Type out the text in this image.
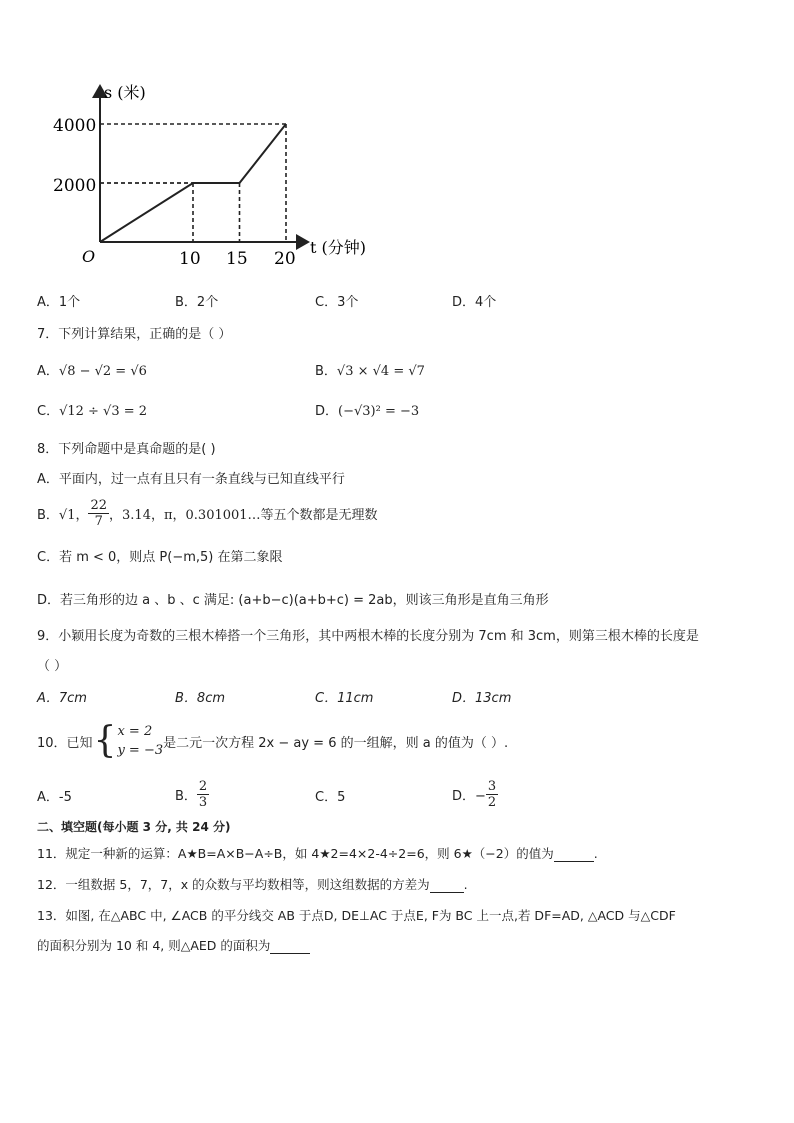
s (米)
t (分钟)
O
4000
2000
10 15 20
A．1个	B．2个	C．3个	D．4个
7．下列计算结果，正确的是（ ）
A．√8 − √2 = √6	B．√3 × √4 = √7
C．√12 ÷ √3 = 2	D．(−√3)² = −3
8．下列命题中是真命题的是( )
A．平面内，过一点有且只有一条直线与已知直线平行
B． √1， $\frac{22}{7}$ ，3.14，π，0.301001…等五个数都是无理数
C．若 m < 0，则点 P(−m,5) 在第二象限
D．若三角形的边 a 、b 、c 满足: (a+b−c)(a+b+c) = 2ab，则该三角形是直角三角形
9．小颖用长度为奇数的三根木棒搭一个三角形，其中两根木棒的长度分别为 7cm 和 3cm，则第三根木棒的长度是
（ ）
A．7cm	B．8cm	C．11cm	D．13cm
10．已知 { x = 2
y = −3 是二元一次方程 2x − ay = 6 的一组解，则 a 的值为（ ）.
A．-5	B． $\frac{2}{3}$	C．5	D．− $\frac{3}{2}$
二、填空题(每小题 3 分, 共 24 分)
11．规定一种新的运算：A★B=A×B−A÷B，如 4★2=4×2-4÷2=6，则 6★（−2）的值为	.
12．一组数据 5，7，7，x 的众数与平均数相等，则这组数据的方差为	.
13．如图, 在△ABC 中, ∠ACB 的平分线交 AB 于点D, DE⊥AC 于点E, F为 BC 上一点,若 DF=AD, △ACD 与△CDF
的面积分别为 10 和 4, 则△AED 的面积为
